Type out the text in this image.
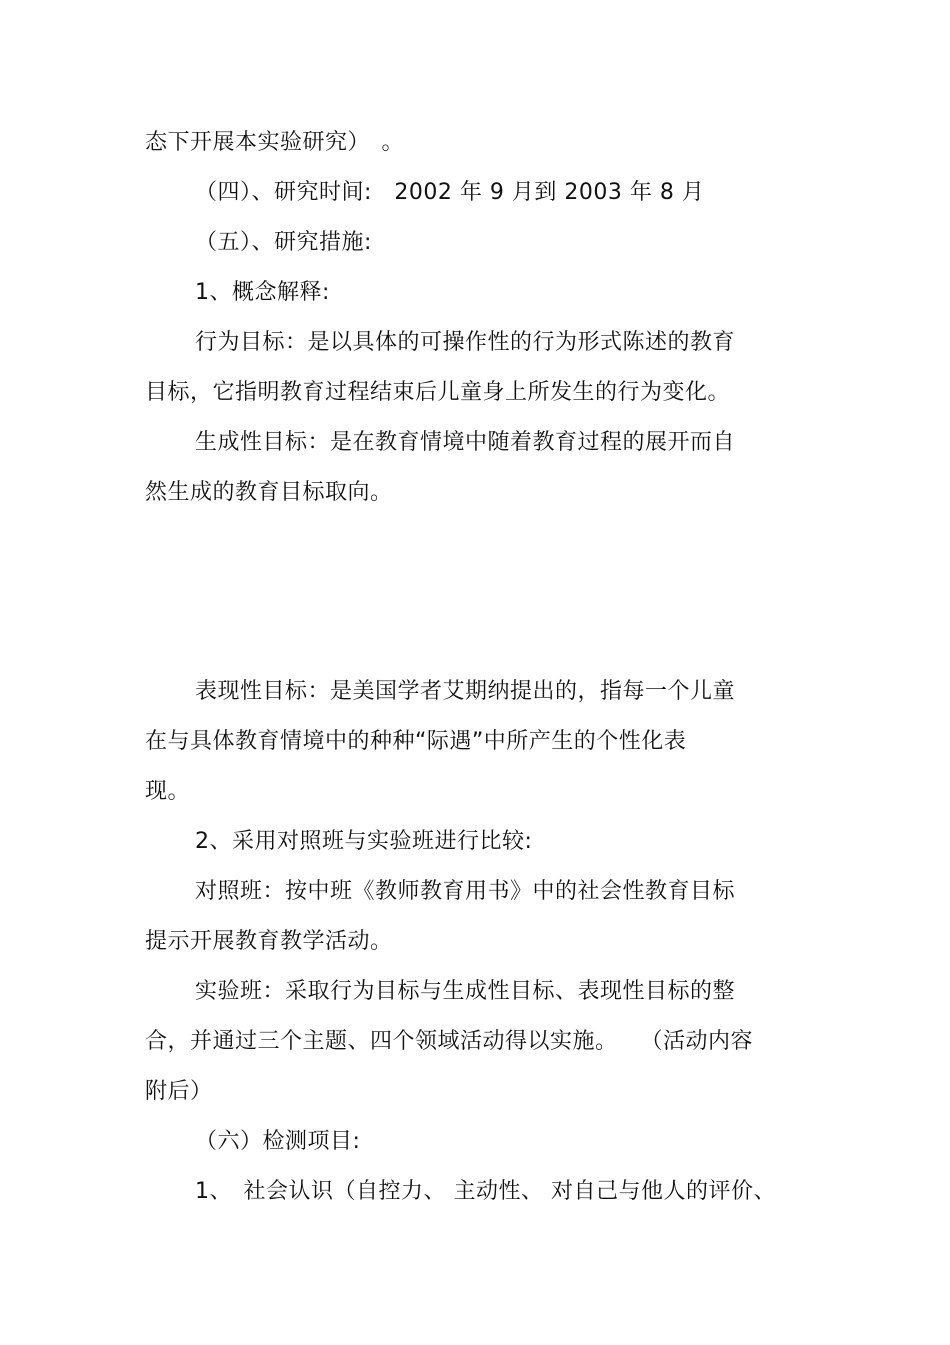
态下开展本实验研究）　。
（四）、研究时间:　2002 年 9 月到 2003 年 8 月
（五）、研究措施:
1、概念解释:
行为目标：是以具体的可操作性的行为形式陈述的教育
目标，它指明教育过程结束后儿童身上所发生的行为变化。
生成性目标：是在教育情境中随着教育过程的展开而自
然生成的教育目标取向。
表现性目标：是美国学者艾期纳提出的，指每一个儿童
在与具体教育情境中的种种“际遇”中所产生的个性化表
现。
2、采用对照班与实验班进行比较:
对照班：按中班《教师教育用书》中的社会性教育目标
提示开展教育教学活动。
实验班：采取行为目标与生成性目标、表现性目标的整
合，并通过三个主题、四个领域活动得以实施。　　（活动内容
附后）
（六）检测项目:
1、　社会认识（自控力、 主动性、 对自己与他人的评价、
